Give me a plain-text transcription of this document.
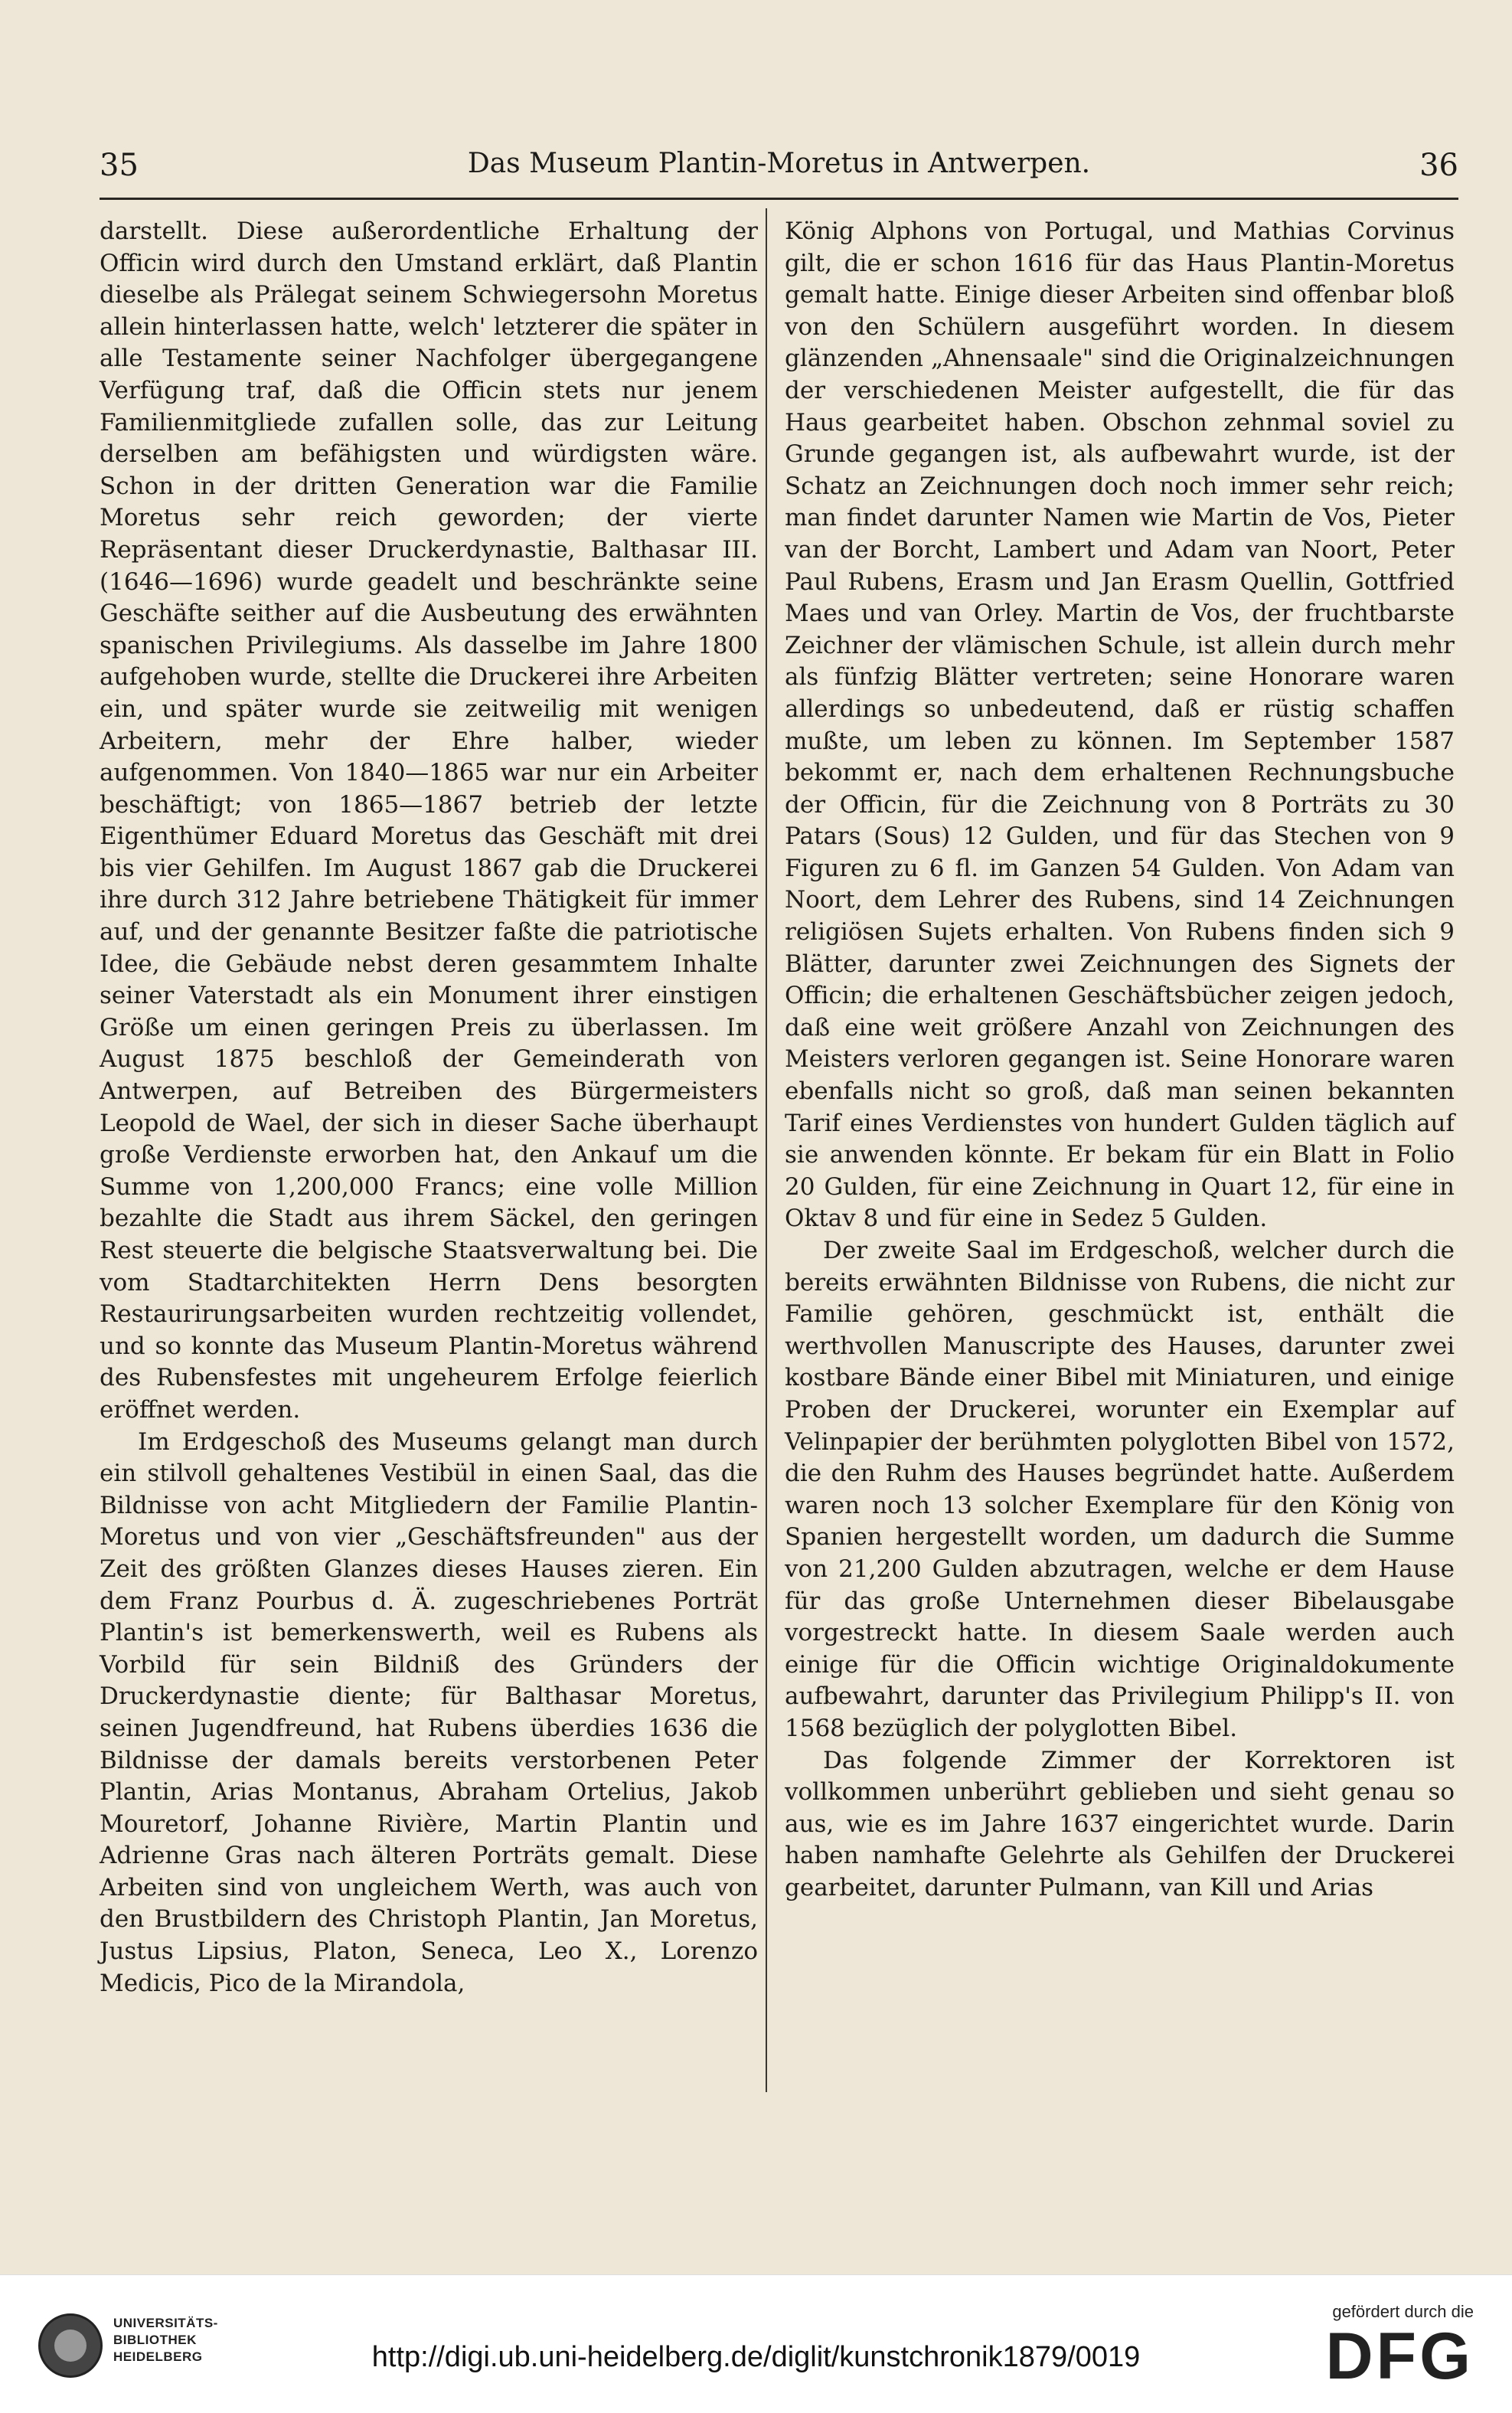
35	Das Museum Plantin-Moretus in Antwerpen.	36

darstellt. Diese außerordentliche Erhaltung der Officin wird durch den Umstand erklärt, daß Plantin dieselbe als Prälegat seinem Schwiegersohn Moretus allein hinterlassen hatte, welch' letzterer die später in alle Testamente seiner Nachfolger übergegangene Verfügung traf, daß die Officin stets nur jenem Familienmitgliede zufallen solle, das zur Leitung derselben am befähigsten und würdigsten wäre. Schon in der dritten Generation war die Familie Moretus sehr reich geworden; der vierte Repräsentant dieser Druckerdynastie, Balthasar III. (1646—1696) wurde geadelt und beschränkte seine Geschäfte seither auf die Ausbeutung des erwähnten spanischen Privilegiums. Als dasselbe im Jahre 1800 aufgehoben wurde, stellte die Druckerei ihre Arbeiten ein, und später wurde sie zeitweilig mit wenigen Arbeitern, mehr der Ehre halber, wieder aufgenommen. Von 1840—1865 war nur ein Arbeiter beschäftigt; von 1865—1867 betrieb der letzte Eigenthümer Eduard Moretus das Geschäft mit drei bis vier Gehilfen. Im August 1867 gab die Druckerei ihre durch 312 Jahre betriebene Thätigkeit für immer auf, und der genannte Besitzer faßte die patriotische Idee, die Gebäude nebst deren gesammtem Inhalte seiner Vaterstadt als ein Monument ihrer einstigen Größe um einen geringen Preis zu überlassen. Im August 1875 beschloß der Gemeinderath von Antwerpen, auf Betreiben des Bürgermeisters Leopold de Wael, der sich in dieser Sache überhaupt große Verdienste erworben hat, den Ankauf um die Summe von 1,200,000 Francs; eine volle Million bezahlte die Stadt aus ihrem Säckel, den geringen Rest steuerte die belgische Staatsverwaltung bei. Die vom Stadtarchitekten Herrn Dens besorgten Restaurirungsarbeiten wurden rechtzeitig vollendet, und so konnte das Museum Plantin-Moretus während des Rubensfestes mit ungeheurem Erfolge feierlich eröffnet werden.

Im Erdgeschoß des Museums gelangt man durch ein stilvoll gehaltenes Vestibül in einen Saal, das die Bildnisse von acht Mitgliedern der Familie Plantin-Moretus und von vier „Geschäftsfreunden" aus der Zeit des größten Glanzes dieses Hauses zieren. Ein dem Franz Pourbus d. Ä. zugeschriebenes Porträt Plantin's ist bemerkenswerth, weil es Rubens als Vorbild für sein Bildniß des Gründers der Druckerdynastie diente; für Balthasar Moretus, seinen Jugendfreund, hat Rubens überdies 1636 die Bildnisse der damals bereits verstorbenen Peter Plantin, Arias Montanus, Abraham Ortelius, Jakob Mouretorf, Johanne Rivière, Martin Plantin und Adrienne Gras nach älteren Porträts gemalt. Diese Arbeiten sind von ungleichem Werth, was auch von den Brustbildern des Christoph Plantin, Jan Moretus, Justus Lipsius, Platon, Seneca, Leo X., Lorenzo Medicis, Pico de la Mirandola,

König Alphons von Portugal, und Mathias Corvinus gilt, die er schon 1616 für das Haus Plantin-Moretus gemalt hatte. Einige dieser Arbeiten sind offenbar bloß von den Schülern ausgeführt worden. In diesem glänzenden „Ahnensaale" sind die Originalzeichnungen der verschiedenen Meister aufgestellt, die für das Haus gearbeitet haben. Obschon zehnmal soviel zu Grunde gegangen ist, als aufbewahrt wurde, ist der Schatz an Zeichnungen doch noch immer sehr reich; man findet darunter Namen wie Martin de Vos, Pieter van der Borcht, Lambert und Adam van Noort, Peter Paul Rubens, Erasm und Jan Erasm Quellin, Gottfried Maes und van Orley. Martin de Vos, der fruchtbarste Zeichner der vlämischen Schule, ist allein durch mehr als fünfzig Blätter vertreten; seine Honorare waren allerdings so unbedeutend, daß er rüstig schaffen mußte, um leben zu können. Im September 1587 bekommt er, nach dem erhaltenen Rechnungsbuche der Officin, für die Zeichnung von 8 Porträts zu 30 Patars (Sous) 12 Gulden, und für das Stechen von 9 Figuren zu 6 fl. im Ganzen 54 Gulden. Von Adam van Noort, dem Lehrer des Rubens, sind 14 Zeichnungen religiösen Sujets erhalten. Von Rubens finden sich 9 Blätter, darunter zwei Zeichnungen des Signets der Officin; die erhaltenen Geschäftsbücher zeigen jedoch, daß eine weit größere Anzahl von Zeichnungen des Meisters verloren gegangen ist. Seine Honorare waren ebenfalls nicht so groß, daß man seinen bekannten Tarif eines Verdienstes von hundert Gulden täglich auf sie anwenden könnte. Er bekam für ein Blatt in Folio 20 Gulden, für eine Zeichnung in Quart 12, für eine in Oktav 8 und für eine in Sedez 5 Gulden.

Der zweite Saal im Erdgeschoß, welcher durch die bereits erwähnten Bildnisse von Rubens, die nicht zur Familie gehören, geschmückt ist, enthält die werthvollen Manuscripte des Hauses, darunter zwei kostbare Bände einer Bibel mit Miniaturen, und einige Proben der Druckerei, worunter ein Exemplar auf Velinpapier der berühmten polyglotten Bibel von 1572, die den Ruhm des Hauses begründet hatte. Außerdem waren noch 13 solcher Exemplare für den König von Spanien hergestellt worden, um dadurch die Summe von 21,200 Gulden abzutragen, welche er dem Hause für das große Unternehmen dieser Bibelausgabe vorgestreckt hatte. In diesem Saale werden auch einige für die Officin wichtige Originaldokumente aufbewahrt, darunter das Privilegium Philipp's II. von 1568 bezüglich der polyglotten Bibel.

Das folgende Zimmer der Korrektoren ist vollkommen unberührt geblieben und sieht genau so aus, wie es im Jahre 1637 eingerichtet wurde. Darin haben namhafte Gelehrte als Gehilfen der Druckerei gearbeitet, darunter Pulmann, van Kill und Arias

UNIVERSITÄTS-
BIBLIOTHEK
HEIDELBERG	http://digi.ub.uni-heidelberg.de/diglit/kunstchronik1879/0019
gefördert durch die
DFG
